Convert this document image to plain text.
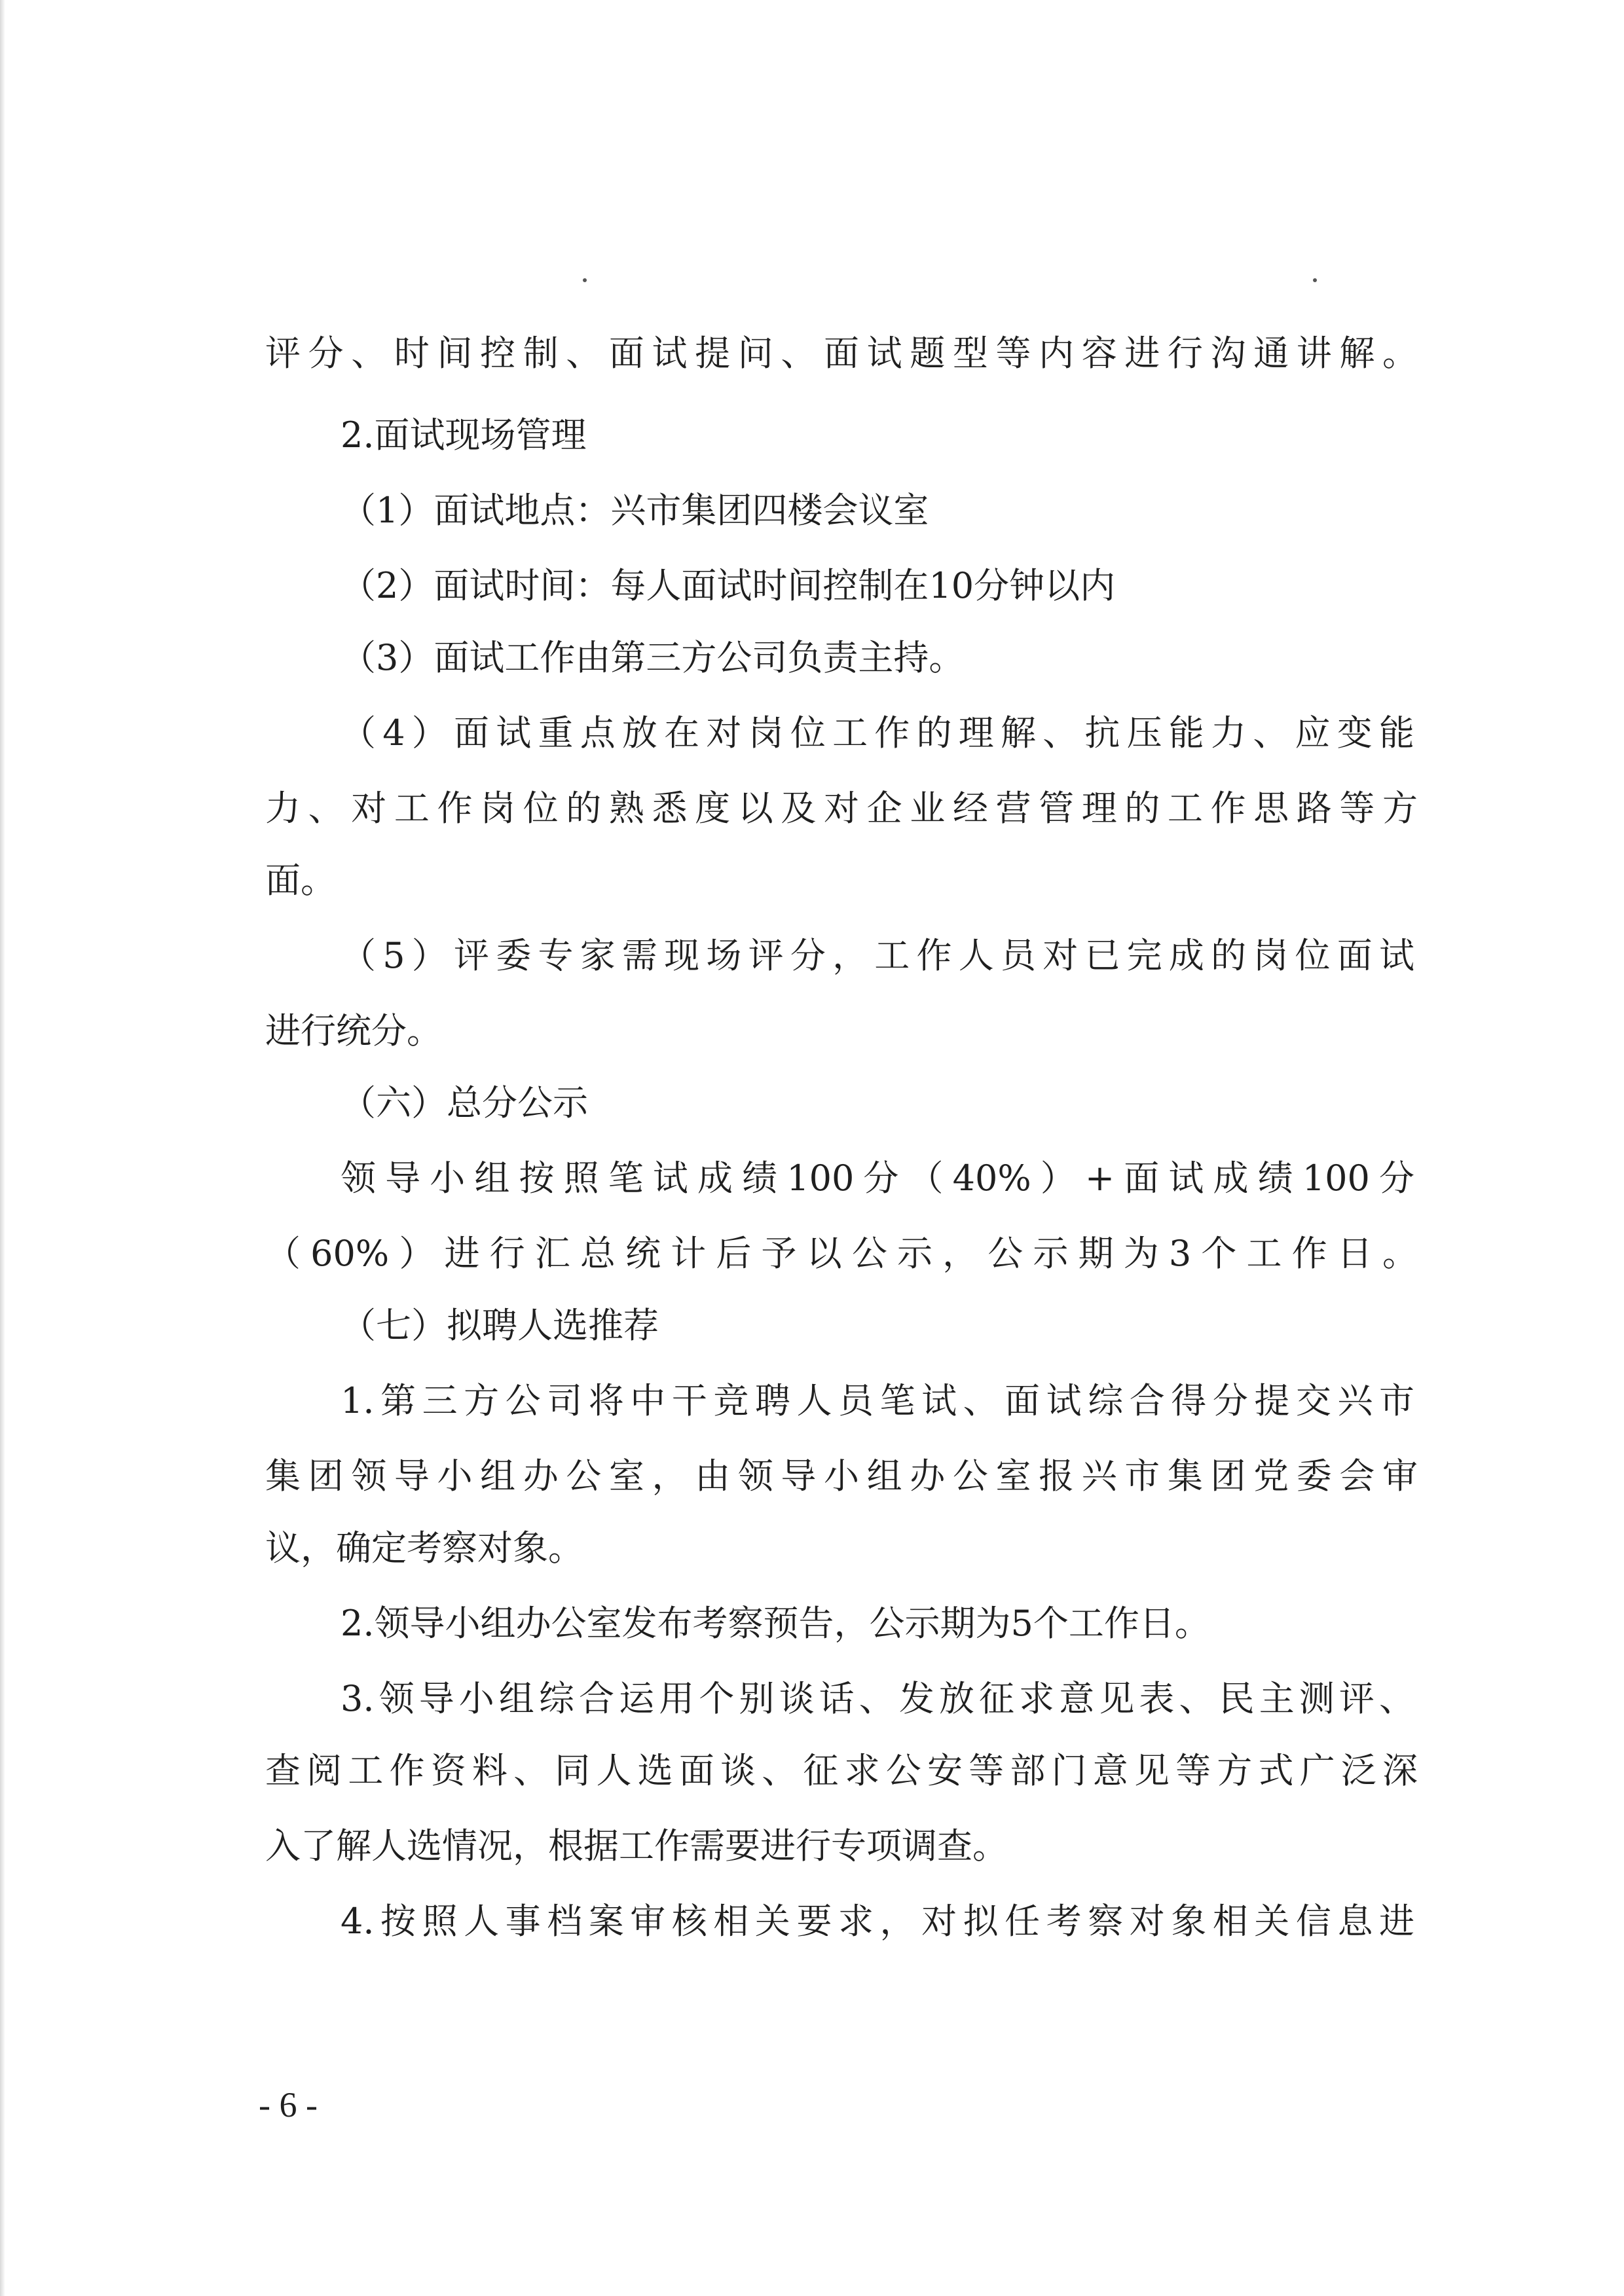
评分、时间控制、面试提问、面试题型等内容进行沟通讲解。
2.面试现场管理
（1）面试地点：兴市集团四楼会议室
（2）面试时间：每人面试时间控制在10分钟以内
（3）面试工作由第三方公司负责主持。
（4）面试重点放在对岗位工作的理解、抗压能力、应变能
力、对工作岗位的熟悉度以及对企业经营管理的工作思路等方
面。
（5）评委专家需现场评分，工作人员对已完成的岗位面试
进行统分。
（六）总分公示
领导小组按照笔试成绩100分（40%）+面试成绩100分
（60%）进行汇总统计后予以公示，公示期为3个工作日。
（七）拟聘人选推荐
1.第三方公司将中干竞聘人员笔试、面试综合得分提交兴市
集团领导小组办公室，由领导小组办公室报兴市集团党委会审
议，确定考察对象。
2.领导小组办公室发布考察预告，公示期为5个工作日。
3.领导小组综合运用个别谈话、发放征求意见表、民主测评、
查阅工作资料、同人选面谈、征求公安等部门意见等方式广泛深
入了解人选情况，根据工作需要进行专项调查。
4.按照人事档案审核相关要求，对拟任考察对象相关信息进
- 6 -
